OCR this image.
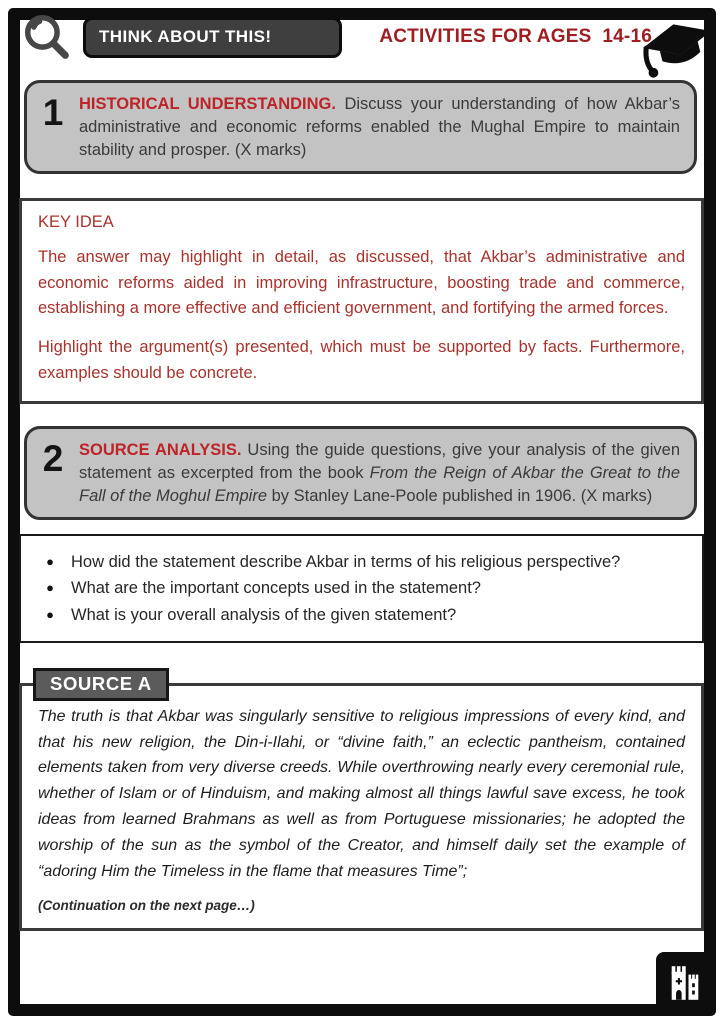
THINK ABOUT THIS!	ACTIVITIES FOR AGES  14-16
1 HISTORICAL UNDERSTANDING. Discuss your understanding of how Akbar’s administrative and economic reforms enabled the Mughal Empire to maintain stability and prosper. (X marks)
KEY IDEA

The answer may highlight in detail, as discussed, that Akbar’s administrative and economic reforms aided in improving infrastructure, boosting trade and commerce, establishing a more effective and efficient government, and fortifying the armed forces.

Highlight the argument(s) presented, which must be supported by facts. Furthermore, examples should be concrete.

2 SOURCE ANALYSIS. Using the guide questions, give your analysis of the given statement as excerpted from the book From the Reign of Akbar the Great to the Fall of the Moghul Empire by Stanley Lane-Poole published in 1906. (X marks)
●	How did the statement describe Akbar in terms of his religious perspective?
●	What are the important concepts used in the statement?
●	What is your overall analysis of the given statement?
SOURCE A
The truth is that Akbar was singularly sensitive to religious impressions of every kind, and that his new religion, the Din-i-Ilahi, or “divine faith,” an eclectic pantheism, contained elements taken from very diverse creeds. While overthrowing nearly every ceremonial rule, whether of Islam or of Hinduism, and making almost all things lawful save excess, he took ideas from learned Brahmans as well as from Portuguese missionaries; he adopted the worship of the sun as the symbol of the Creator, and himself daily set the example of “adoring Him the Timeless in the flame that measures Time”;
(Continuation on the next page…)
